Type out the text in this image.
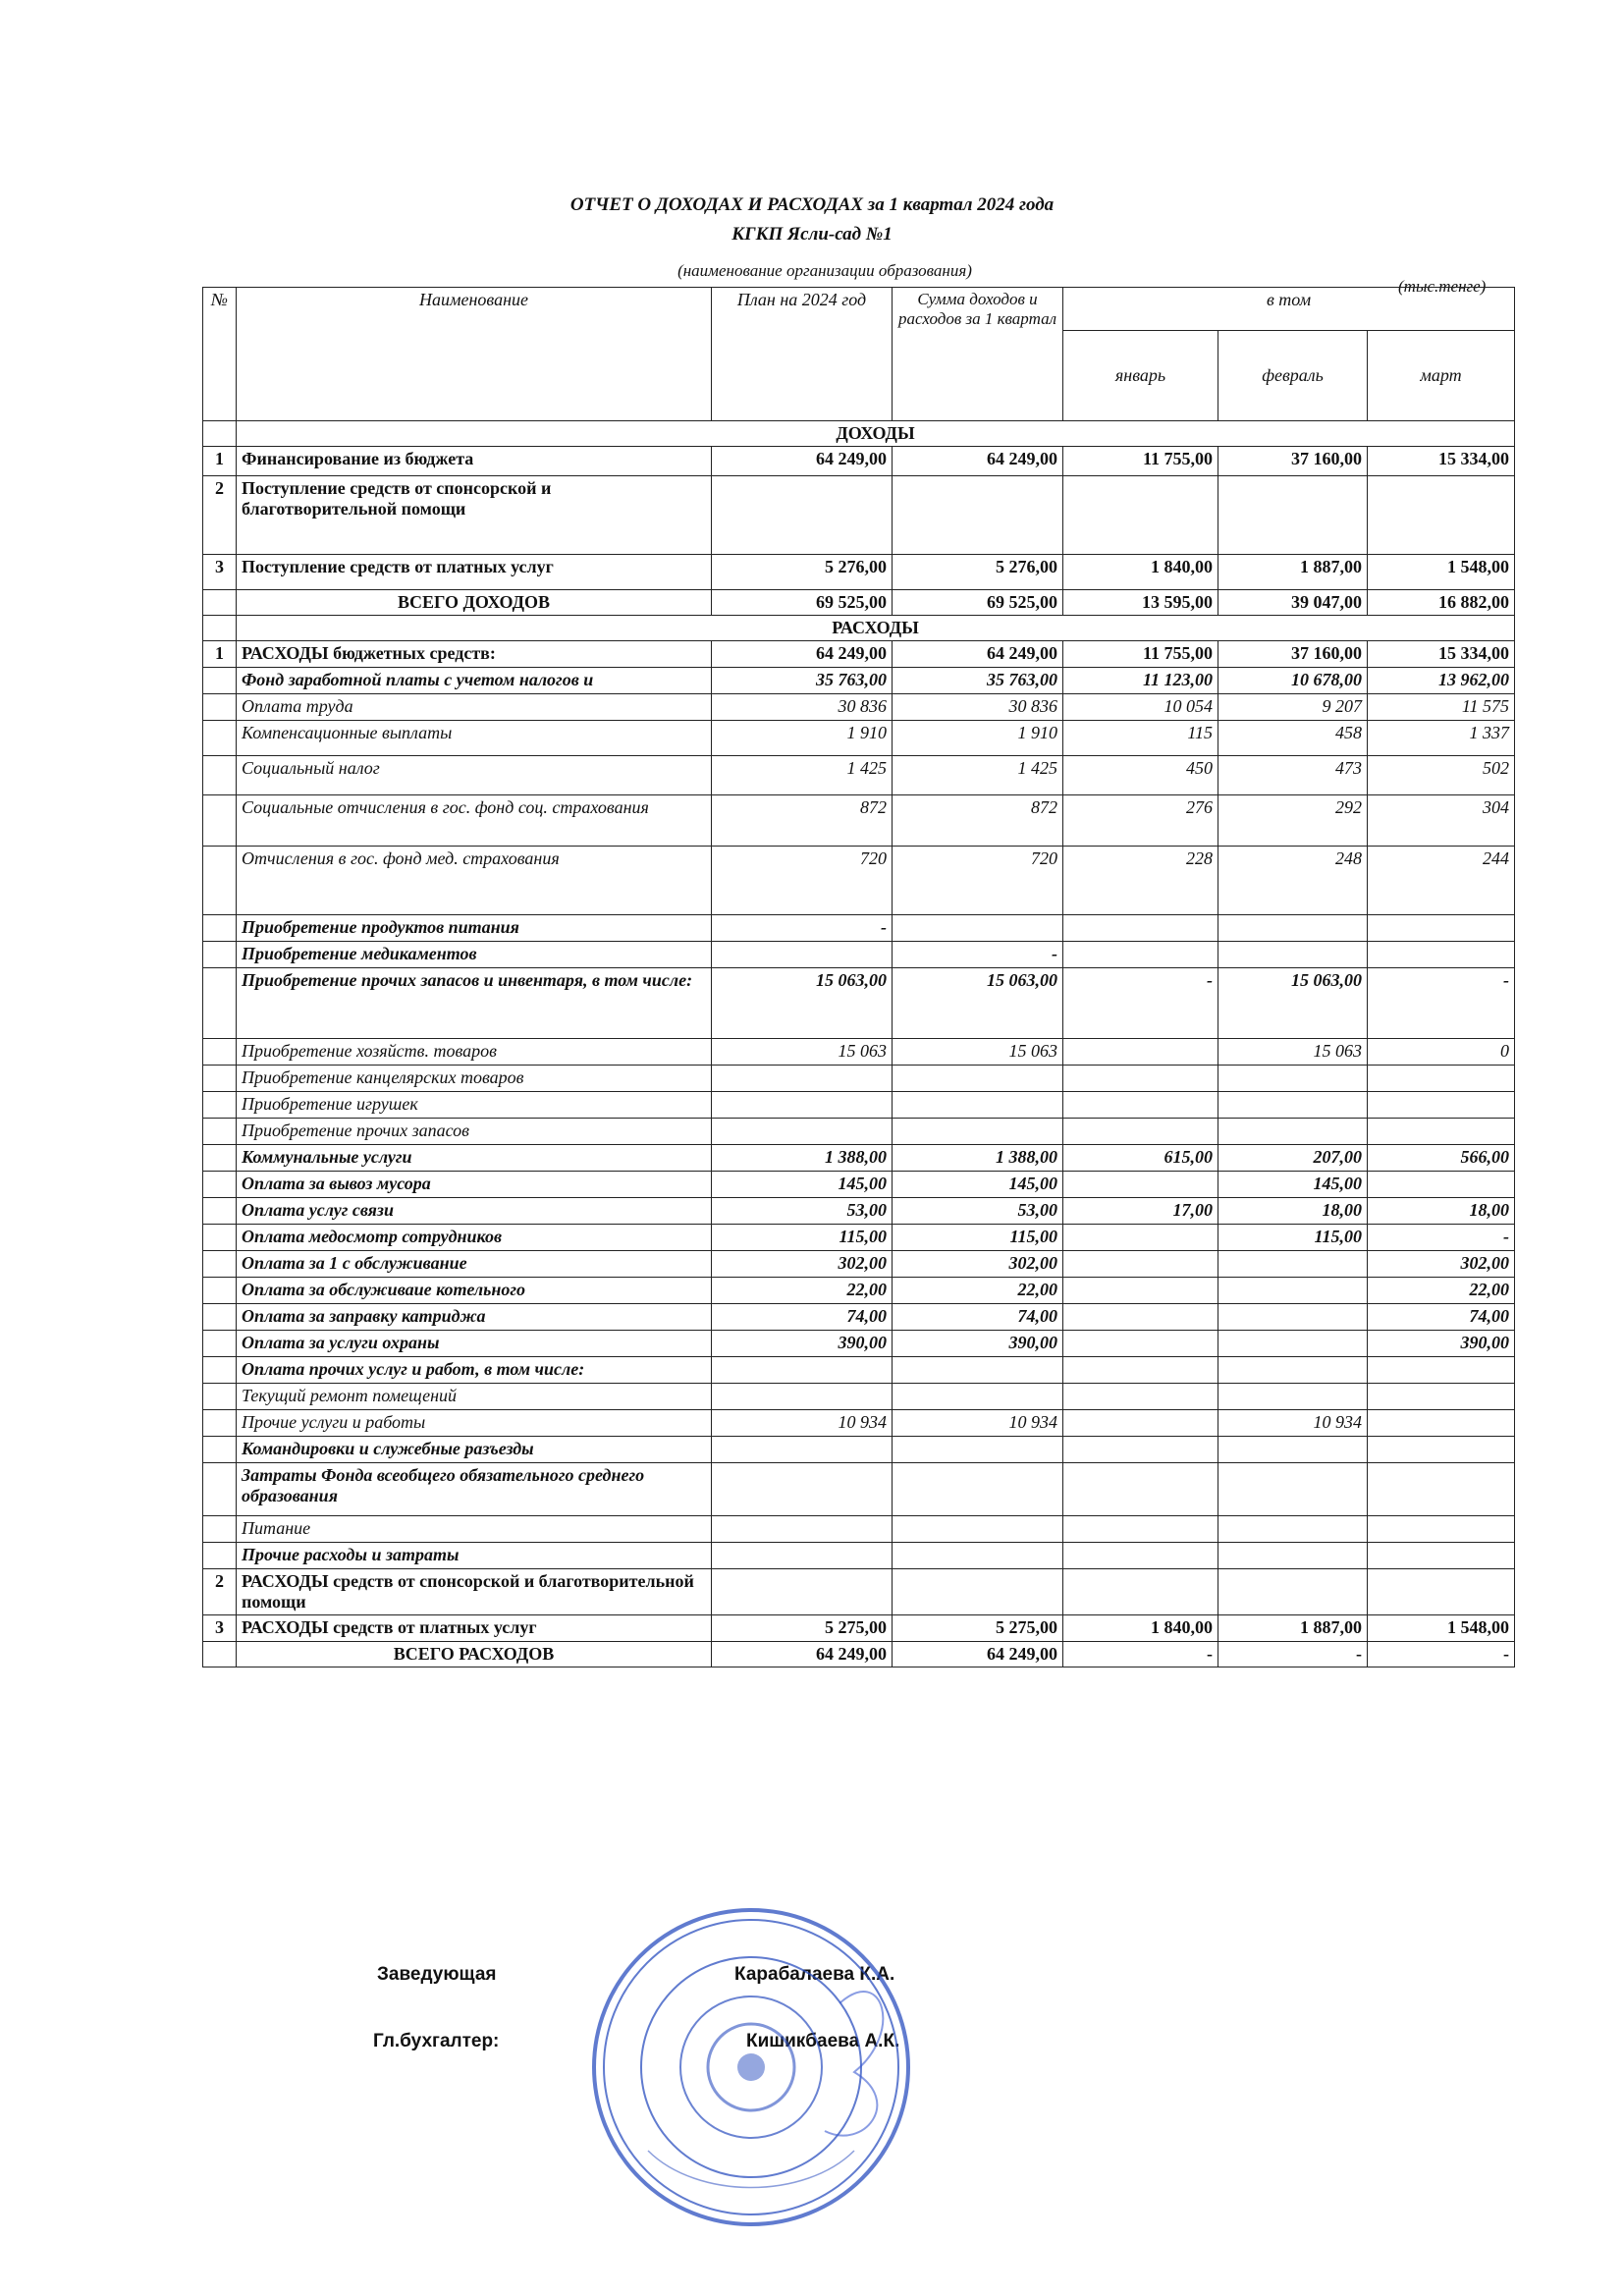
ОТЧЕТ О ДОХОДАХ И РАСХОДАХ за 1 квартал 2024 года
КГКП Ясли-сад №1
(наименование организации образования)
(тыс.тенге)
№	Наименование	План на 2024 год	Сумма доходов и расходов за 1 квартал	в том		
				январь	февраль	март
	ДОХОДЫ					
1	Финансирование из бюджета	64 249,00	64 249,00	11 755,00	37 160,00	15 334,00
2	Поступление средств от спонсорской и благотворительной помощи					
3	Поступление средств от платных услуг	5 276,00	5 276,00	1 840,00	1 887,00	1 548,00
	ВСЕГО ДОХОДОВ	69 525,00	69 525,00	13 595,00	39 047,00	16 882,00
	РАСХОДЫ					
1	РАСХОДЫ бюджетных средств:	64 249,00	64 249,00	11 755,00	37 160,00	15 334,00
	Фонд заработной платы с учетом налогов и	35 763,00	35 763,00	11 123,00	10 678,00	13 962,00
	Оплата труда	30 836	30 836	10 054	9 207	11 575
	Компенсационные выплаты	1 910	1 910	115	458	1 337
	Социальный налог	1 425	1 425	450	473	502
	Социальные отчисления в гос. фонд соц. страхования	872	872	276	292	304
	Отчисления в гос. фонд мед. страхования	720	720	228	248	244
	Приобретение продуктов питания	-				
	Приобретение медикаментов		-			
	Приобретение прочих запасов и инвентаря, в том числе:	15 063,00	15 063,00	-	15 063,00	-
	Приобретение хозяйств. товаров	15 063	15 063		15 063	0
	Приобретение канцелярских товаров					
	Приобретение игрушек					
	Приобретение прочих запасов					
	Коммунальные услуги	1 388,00	1 388,00	615,00	207,00	566,00
	Оплата за вывоз мусора	145,00	145,00		145,00	
	Оплата услуг связи	53,00	53,00	17,00	18,00	18,00
	Оплата медосмотр сотрудников	115,00	115,00		115,00	-
	Оплата за 1 с обслуживание	302,00	302,00			302,00
	Оплата за обслуживаие котельного	22,00	22,00			22,00
	Оплата за заправку катриджа	74,00	74,00			74,00
	Оплата за услуги охраны	390,00	390,00			390,00
	Оплата прочих услуг и работ, в том числе:					
	Текущий ремонт помещений					
	Прочие услуги и работы	10 934	10 934		10 934	
	Командировки и служебные разъезды					
	Затраты Фонда всеобщего обязательного среднего образования					
	Питание					
	Прочие расходы и затраты					
2	РАСХОДЫ средств от спонсорской и благотворительной помощи					
3	РАСХОДЫ средств от платных услуг	5 275,00	5 275,00	1 840,00	1 887,00	1 548,00
	ВСЕГО РАСХОДОВ	64 249,00	64 249,00	-	-	-
Заведующая	Карабалаева К.А.
Гл.бухгалтер:	Кишикбаева А.К.
